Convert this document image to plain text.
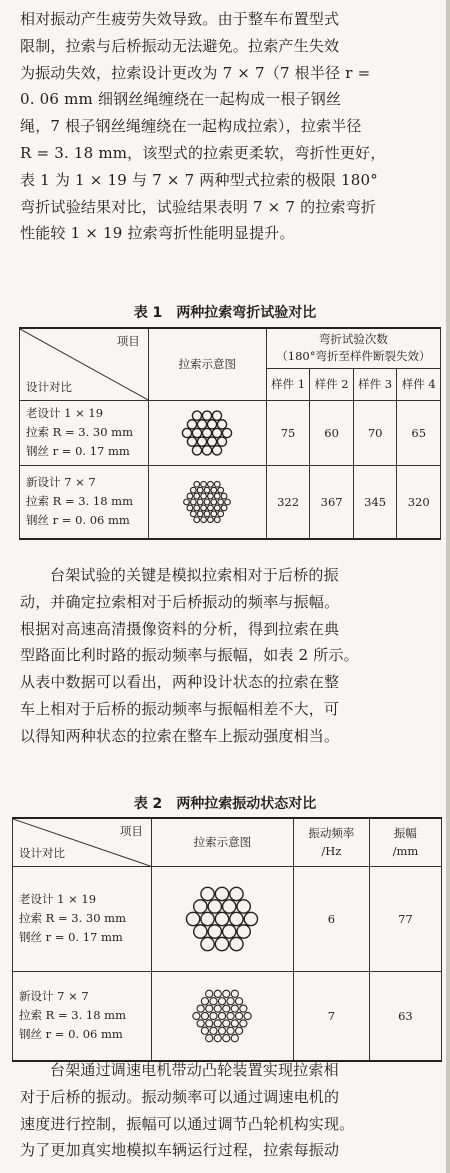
相对振动产生疲劳失效导致。由于整车布置型式
限制，拉索与后桥振动无法避免。拉索产生失效
为振动失效，拉索设计更改为 7 × 7（7 根半径 r =
0. 06 mm 细钢丝绳缠绕在一起构成一根子钢丝
绳，7 根子钢丝绳缠绕在一起构成拉索），拉索半径
R = 3. 18 mm，该型式的拉索更柔软，弯折性更好，
表 1 为 1 × 19 与 7 × 7 两种型式拉索的极限 180°
弯折试验结果对比，试验结果表明 7 × 7 的拉索弯折
性能较 1 × 19 拉索弯折性能明显提升。
表 1 两种拉索弯折试验对比
项目
设计对比	拉索示意图	弯折试验次数
（180°弯折至样件断裂失效）			
		样件 1	样件 2	样件 3	样件 4
老设计 1 × 19
拉索 R = 3. 30 mm
钢丝 r = 0. 17 mm		75	60	70	65
新设计 7 × 7
拉索 R = 3. 18 mm
钢丝 r = 0. 06 mm		322	367	345	320
台架试验的关键是模拟拉索相对于后桥的振
动，并确定拉索相对于后桥振动的频率与振幅。
根据对高速高清摄像资料的分析，得到拉索在典
型路面比利时路的振动频率与振幅，如表 2 所示。
从表中数据可以看出，两种设计状态的拉索在整
车上相对于后桥的振动频率与振幅相差不大，可
以得知两种状态的拉索在整车上振动强度相当。
表 2 两种拉索振动状态对比
项目
设计对比	拉索示意图	振动频率
/Hz	振幅
/mm
老设计 1 × 19
拉索 R = 3. 30 mm
钢丝 r = 0. 17 mm		6	77
新设计 7 × 7
拉索 R = 3. 18 mm
钢丝 r = 0. 06 mm		7	63
台架通过调速电机带动凸轮装置实现拉索相
对于后桥的振动。振动频率可以通过调速电机的
速度进行控制，振幅可以通过调节凸轮机构实现。
为了更加真实地模拟车辆运行过程，拉索每振动
